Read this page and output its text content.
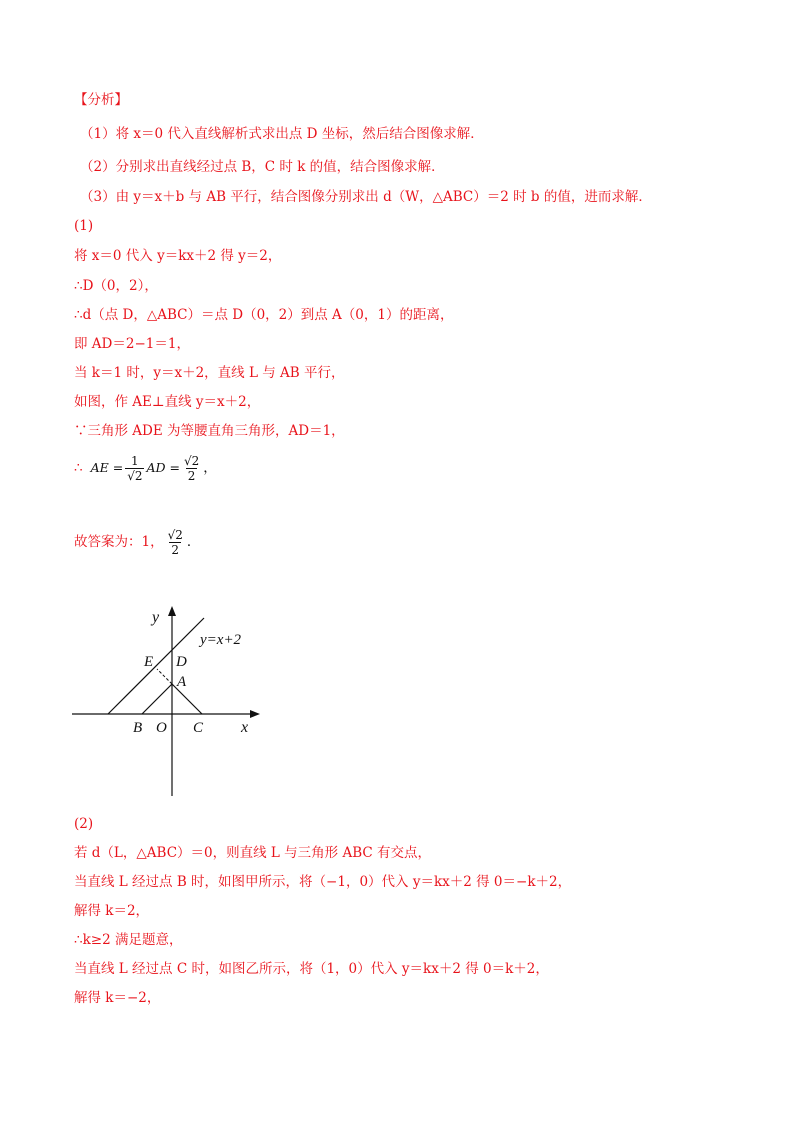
【分析】
（1）将 x＝0 代入直线解析式求出点 D 坐标，然后结合图像求解．
（2）分别求出直线经过点 B，C 时 k 的值，结合图像求解．
（3）由 y＝x＋b 与 AB 平行，结合图像分别求出 d（W，△ABC）＝2 时 b 的值，进而求解．
(1)
将 x＝0 代入 y＝kx＋2 得 y＝2，
∴D（0，2），
∴d（点 D，△ABC）＝点 D（0，2）到点 A（0，1）的距离，
即 AD＝2−1＝1，
当 k＝1 时，y＝x＋2，直线 L 与 AB 平行，
如图，作 AE⊥直线 y＝x＋2，
∵三角形 ADE 为等腰直角三角形，AD＝1，
∴ AE = $\frac{1}{√2}$ AD = $\frac{√2}{2}$ ，
故答案为：1， $\frac{√2}{2}$ ．
y
x
y=x+2
E D
A
B O C
(2)
若 d（L，△ABC）＝0，则直线 L 与三角形 ABC 有交点，
当直线 L 经过点 B 时，如图甲所示，将（−1，0）代入 y＝kx＋2 得 0＝−k＋2，
解得 k＝2，
∴k≥2 满足题意，
当直线 L 经过点 C 时，如图乙所示，将（1，0）代入 y＝kx＋2 得 0＝k＋2，
解得 k＝−2，
